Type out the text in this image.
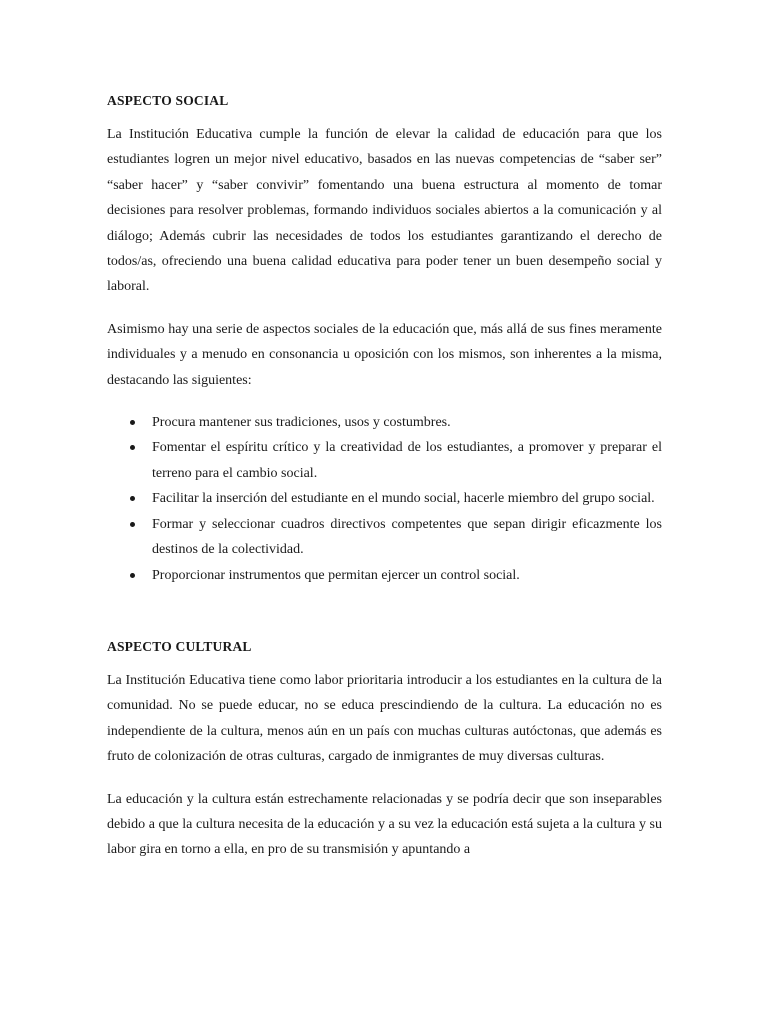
ASPECTO SOCIAL

La Institución Educativa cumple la función de elevar la calidad de educación para que los estudiantes logren un mejor nivel educativo, basados en las nuevas competencias de “saber ser” “saber hacer” y “saber convivir” fomentando una buena estructura al momento de tomar decisiones para resolver problemas, formando individuos sociales abiertos a la comunicación y al diálogo; Además cubrir las necesidades de todos los estudiantes garantizando el derecho de todos/as, ofreciendo una buena calidad educativa para poder tener un buen desempeño social y laboral.

Asimismo hay una serie de aspectos sociales de la educación que, más allá de sus fines meramente individuales y a menudo en consonancia u oposición con los mismos, son inherentes a la misma, destacando las siguientes:

Procura mantener sus tradiciones, usos y costumbres.
Fomentar el espíritu crítico y la creatividad de los estudiantes, a promover y preparar el terreno para el cambio social.
Facilitar la inserción del estudiante en el mundo social, hacerle miembro del grupo social.
Formar y seleccionar cuadros directivos competentes que sepan dirigir eficazmente los destinos de la colectividad.
Proporcionar instrumentos que permitan ejercer un control social.
ASPECTO CULTURAL

La Institución Educativa tiene como labor prioritaria introducir a los estudiantes en la cultura de la comunidad. No se puede educar, no se educa prescindiendo de la cultura. La educación no es independiente de la cultura, menos aún en un país con muchas culturas autóctonas, que además es fruto de colonización de otras culturas, cargado de inmigrantes de muy diversas culturas.

La educación y la cultura están estrechamente relacionadas y se podría decir que son inseparables debido a que la cultura necesita de la educación y a su vez la educación está sujeta a la cultura y su labor gira en torno a ella, en pro de su transmisión y apuntando a
